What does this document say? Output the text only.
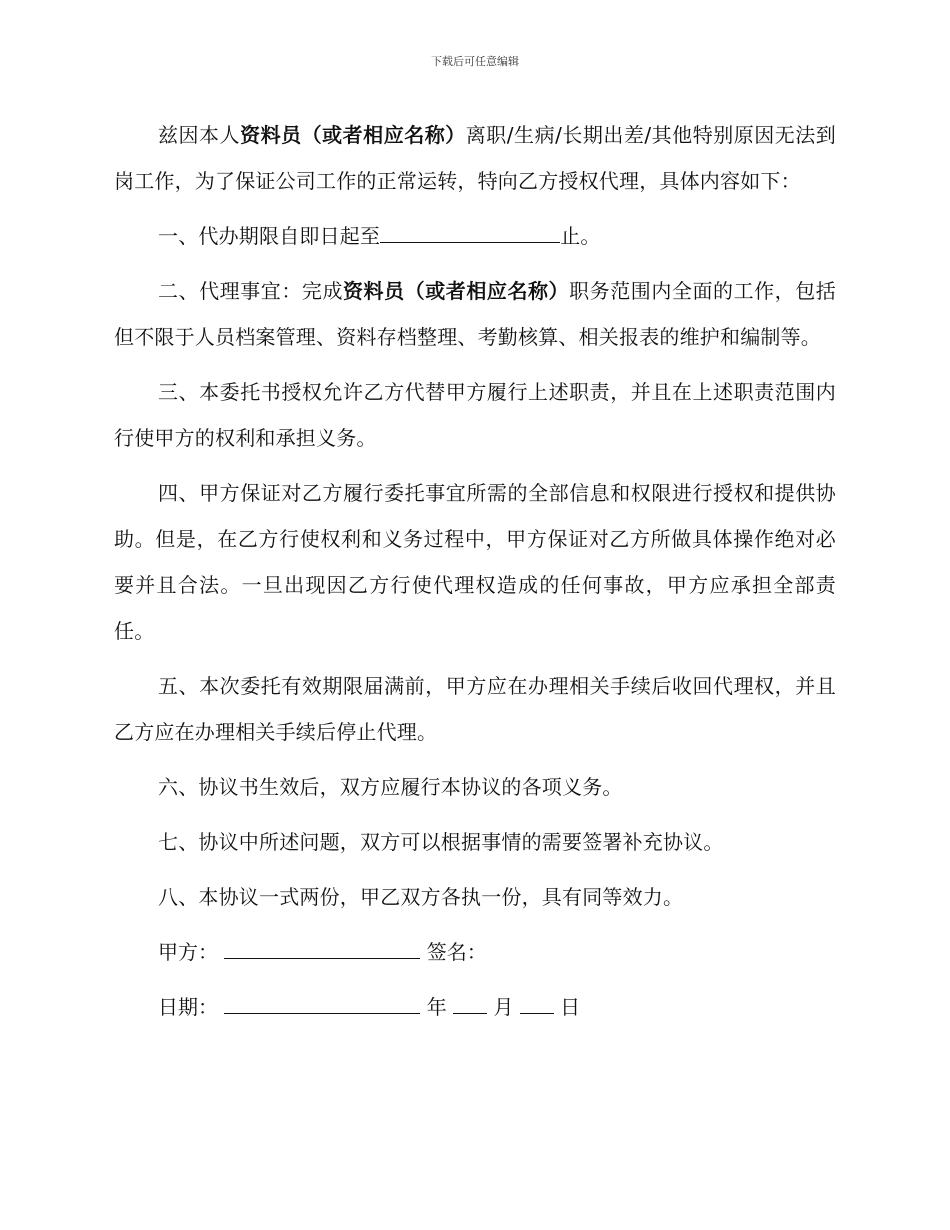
下载后可任意编辑

兹因本人资料员（或者相应名称）离职/生病/长期出差/其他特别原因无法到岗工作，为了保证公司工作的正常运转，特向乙方授权代理，具体内容如下：

一、代办期限自即日起至	止。

二、代理事宜：完成资料员（或者相应名称）职务范围内全面的工作，包括但不限于人员档案管理、资料存档整理、考勤核算、相关报表的维护和编制等。

三、本委托书授权允许乙方代替甲方履行上述职责，并且在上述职责范围内行使甲方的权利和承担义务。

四、甲方保证对乙方履行委托事宜所需的全部信息和权限进行授权和提供协助。但是，在乙方行使权利和义务过程中，甲方保证对乙方所做具体操作绝对必要并且合法。一旦出现因乙方行使代理权造成的任何事故，甲方应承担全部责任。

五、本次委托有效期限届满前，甲方应在办理相关手续后收回代理权，并且乙方应在办理相关手续后停止代理。

六、协议书生效后，双方应履行本协议的各项义务。

七、协议中所述问题，双方可以根据事情的需要签署补充协议。

八、本协议一式两份，甲乙双方各执一份，具有同等效力。

甲方：	签名：
日期：	年 月 日
